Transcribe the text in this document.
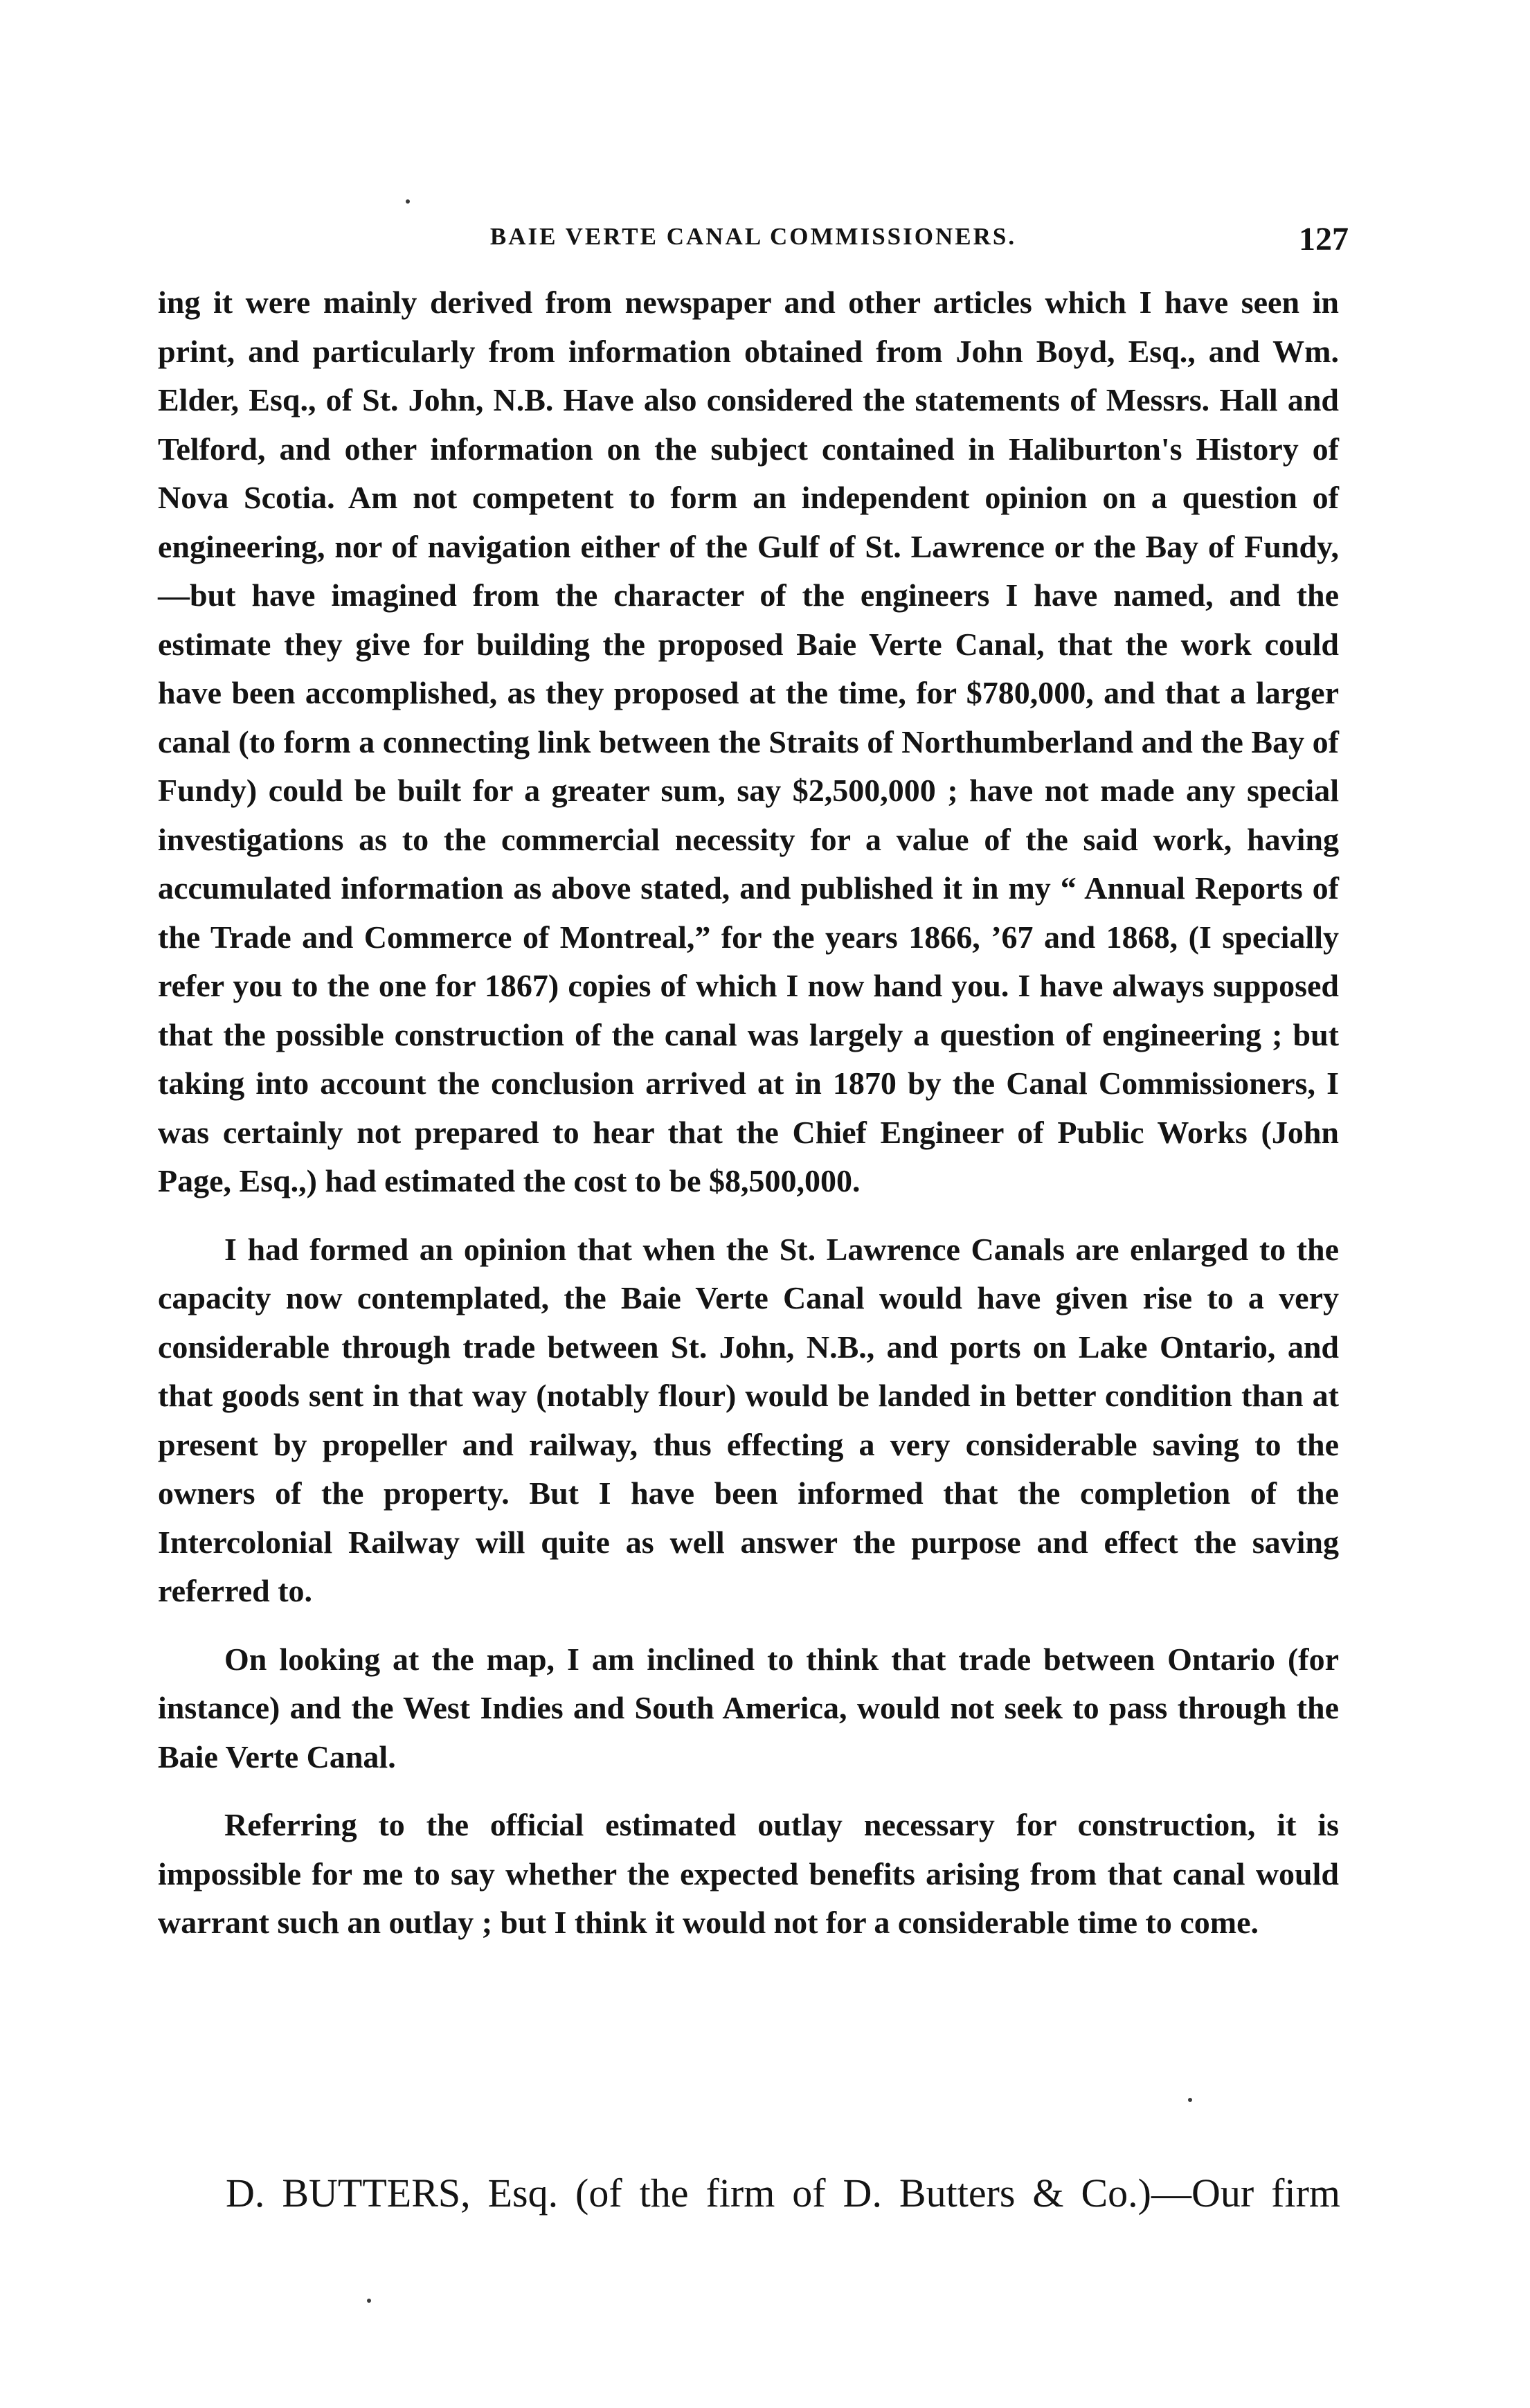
BAIE VERTE CANAL COMMISSIONERS.	127

ing it were mainly derived from newspaper and other articles which I have seen in print, and particularly from information obtained from John Boyd, Esq., and Wm. Elder, Esq., of St. John, N.B. Have also considered the statements of Messrs. Hall and Telford, and other information on the subject contained in Haliburton's History of Nova Scotia. Am not competent to form an independent opinion on a question of engineering, nor of navigation either of the Gulf of St. Lawrence or the Bay of Fundy,—but have imagined from the character of the engineers I have named, and the estimate they give for building the proposed Baie Verte Canal, that the work could have been accomplished, as they proposed at the time, for $780,000, and that a larger canal (to form a connecting link between the Straits of Northumberland and the Bay of Fundy) could be built for a greater sum, say $2,500,000 ; have not made any special investigations as to the commercial necessity for a value of the said work, having accumulated information as above stated, and published it in my “ Annual Reports of the Trade and Commerce of Montreal,” for the years 1866, ’67 and 1868, (I specially refer you to the one for 1867) copies of which I now hand you. I have always supposed that the possible construction of the canal was largely a question of engineering ; but taking into account the conclusion arrived at in 1870 by the Canal Commissioners, I was certainly not prepared to hear that the Chief Engineer of Public Works (John Page, Esq.,) had estimated the cost to be $8,500,000.

I had formed an opinion that when the St. Lawrence Canals are enlarged to the capacity now contemplated, the Baie Verte Canal would have given rise to a very considerable through trade between St. John, N.B., and ports on Lake Ontario, and that goods sent in that way (notably flour) would be landed in better condition than at present by propeller and railway, thus effecting a very considerable saving to the owners of the property. But I have been informed that the completion of the Intercolonial Railway will quite as well answer the purpose and effect the saving referred to.

On looking at the map, I am inclined to think that trade between Ontario (for instance) and the West Indies and South America, would not seek to pass through the Baie Verte Canal.

Referring to the official estimated outlay necessary for construction, it is impossible for me to say whether the expected benefits arising from that canal would warrant such an outlay ; but I think it would not for a considerable time to come.

D. BUTTERS, Esq. (of the firm of D. Butters & Co.)—Our firm
